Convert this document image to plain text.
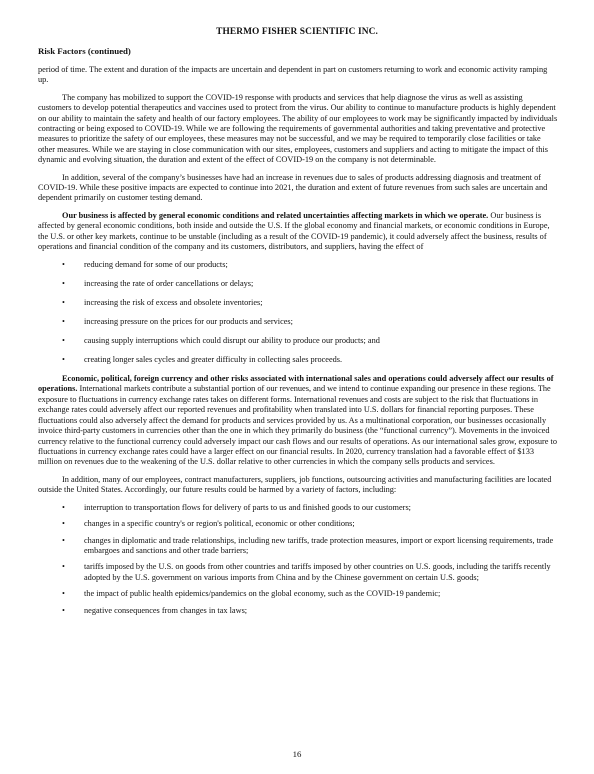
THERMO FISHER SCIENTIFIC INC.
Risk Factors (continued)

period of time. The extent and duration of the impacts are uncertain and dependent in part on customers returning to work and economic activity ramping up.

The company has mobilized to support the COVID-19 response with products and services that help diagnose the virus as well as assisting customers to develop potential therapeutics and vaccines used to protect from the virus. Our ability to continue to manufacture products is highly dependent on our ability to maintain the safety and health of our factory employees. The ability of our employees to work may be significantly impacted by individuals contracting or being exposed to COVID-19. While we are following the requirements of governmental authorities and taking preventative and protective measures to prioritize the safety of our employees, these measures may not be successful, and we may be required to temporarily close facilities or take other measures. While we are staying in close communication with our sites, employees, customers and suppliers and acting to mitigate the impact of this dynamic and evolving situation, the duration and extent of the effect of COVID-19 on the company is not determinable.

In addition, several of the company’s businesses have had an increase in revenues due to sales of products addressing diagnosis and treatment of COVID-19. While these positive impacts are expected to continue into 2021, the duration and extent of future revenues from such sales are uncertain and dependent primarily on customer testing demand.

Our business is affected by general economic conditions and related uncertainties affecting markets in which we operate. Our business is affected by general economic conditions, both inside and outside the U.S. If the global economy and financial markets, or economic conditions in Europe, the U.S. or other key markets, continue to be unstable (including as a result of the COVID-19 pandemic), it could adversely affect the business, results of operations and financial condition of the company and its customers, distributors, and suppliers, having the effect of

• reducing demand for some of our products;
• increasing the rate of order cancellations or delays;
• increasing the risk of excess and obsolete inventories;
• increasing pressure on the prices for our products and services;
• causing supply interruptions which could disrupt our ability to produce our products; and
• creating longer sales cycles and greater difficulty in collecting sales proceeds.

Economic, political, foreign currency and other risks associated with international sales and operations could adversely affect our results of operations. International markets contribute a substantial portion of our revenues, and we intend to continue expanding our presence in these regions. The exposure to fluctuations in currency exchange rates takes on different forms. International revenues and costs are subject to the risk that fluctuations in exchange rates could adversely affect our reported revenues and profitability when translated into U.S. dollars for financial reporting purposes. These fluctuations could also adversely affect the demand for products and services provided by us. As a multinational corporation, our businesses occasionally invoice third-party customers in currencies other than the one in which they primarily do business (the “functional currency”). Movements in the invoiced currency relative to the functional currency could adversely impact our cash flows and our results of operations. As our international sales grow, exposure to fluctuations in currency exchange rates could have a larger effect on our financial results. In 2020, currency translation had a favorable effect of $133 million on revenues due to the weakening of the U.S. dollar relative to other currencies in which the company sells products and services.

In addition, many of our employees, contract manufacturers, suppliers, job functions, outsourcing activities and manufacturing facilities are located outside the United States. Accordingly, our future results could be harmed by a variety of factors, including:

• interruption to transportation flows for delivery of parts to us and finished goods to our customers;
• changes in a specific country's or region's political, economic or other conditions;
• changes in diplomatic and trade relationships, including new tariffs, trade protection measures, import or export licensing requirements, trade embargoes and sanctions and other trade barriers;
• tariffs imposed by the U.S. on goods from other countries and tariffs imposed by other countries on U.S. goods, including the tariffs recently adopted by the U.S. government on various imports from China and by the Chinese government on certain U.S. goods;
• the impact of public health epidemics/pandemics on the global economy, such as the COVID-19 pandemic;
• negative consequences from changes in tax laws;
16
